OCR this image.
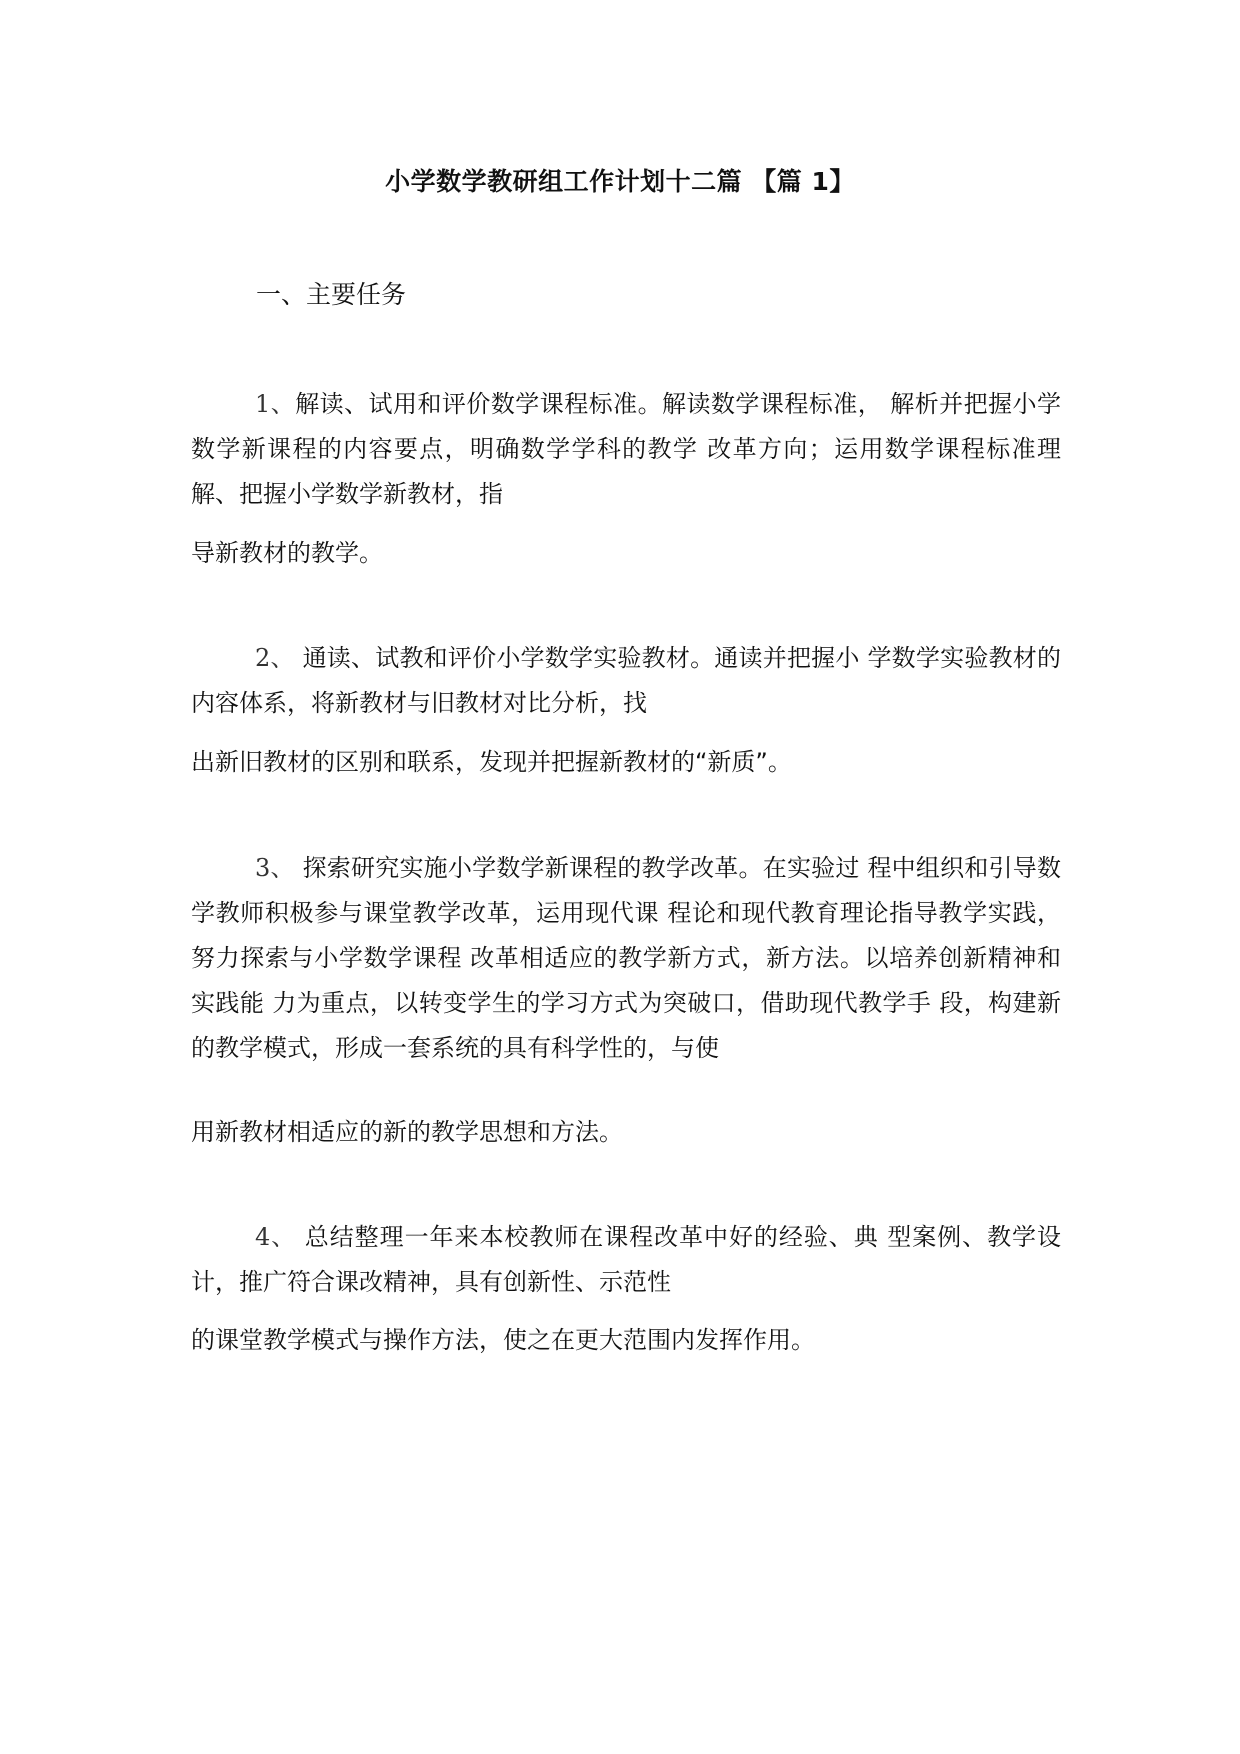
小学数学教研组工作计划十二篇 【篇 1】
一、主要任务

1、解读、试用和评价数学课程标准。解读数学课程标准， 解析并把握小学数学新课程的内容要点，明确数学学科的教学 改革方向；运用数学课程标准理解、把握小学数学新教材，指

导新教材的教学。

2、 通读、试教和评价小学数学实验教材。通读并把握小 学数学实验教材的内容体系，将新教材与旧教材对比分析，找

出新旧教材的区别和联系，发现并把握新教材的“新质”。

3、 探索研究实施小学数学新课程的教学改革。在实验过 程中组织和引导数学教师积极参与课堂教学改革，运用现代课 程论和现代教育理论指导教学实践，努力探索与小学数学课程 改革相适应的教学新方式，新方法。以培养创新精神和实践能 力为重点，以转变学生的学习方式为突破口，借助现代教学手 段，构建新的教学模式，形成一套系统的具有科学性的，与使

用新教材相适应的新的教学思想和方法。

4、 总结整理一年来本校教师在课程改革中好的经验、典 型案例、教学设计，推广符合课改精神，具有创新性、示范性

的课堂教学模式与操作方法，使之在更大范围内发挥作用。
